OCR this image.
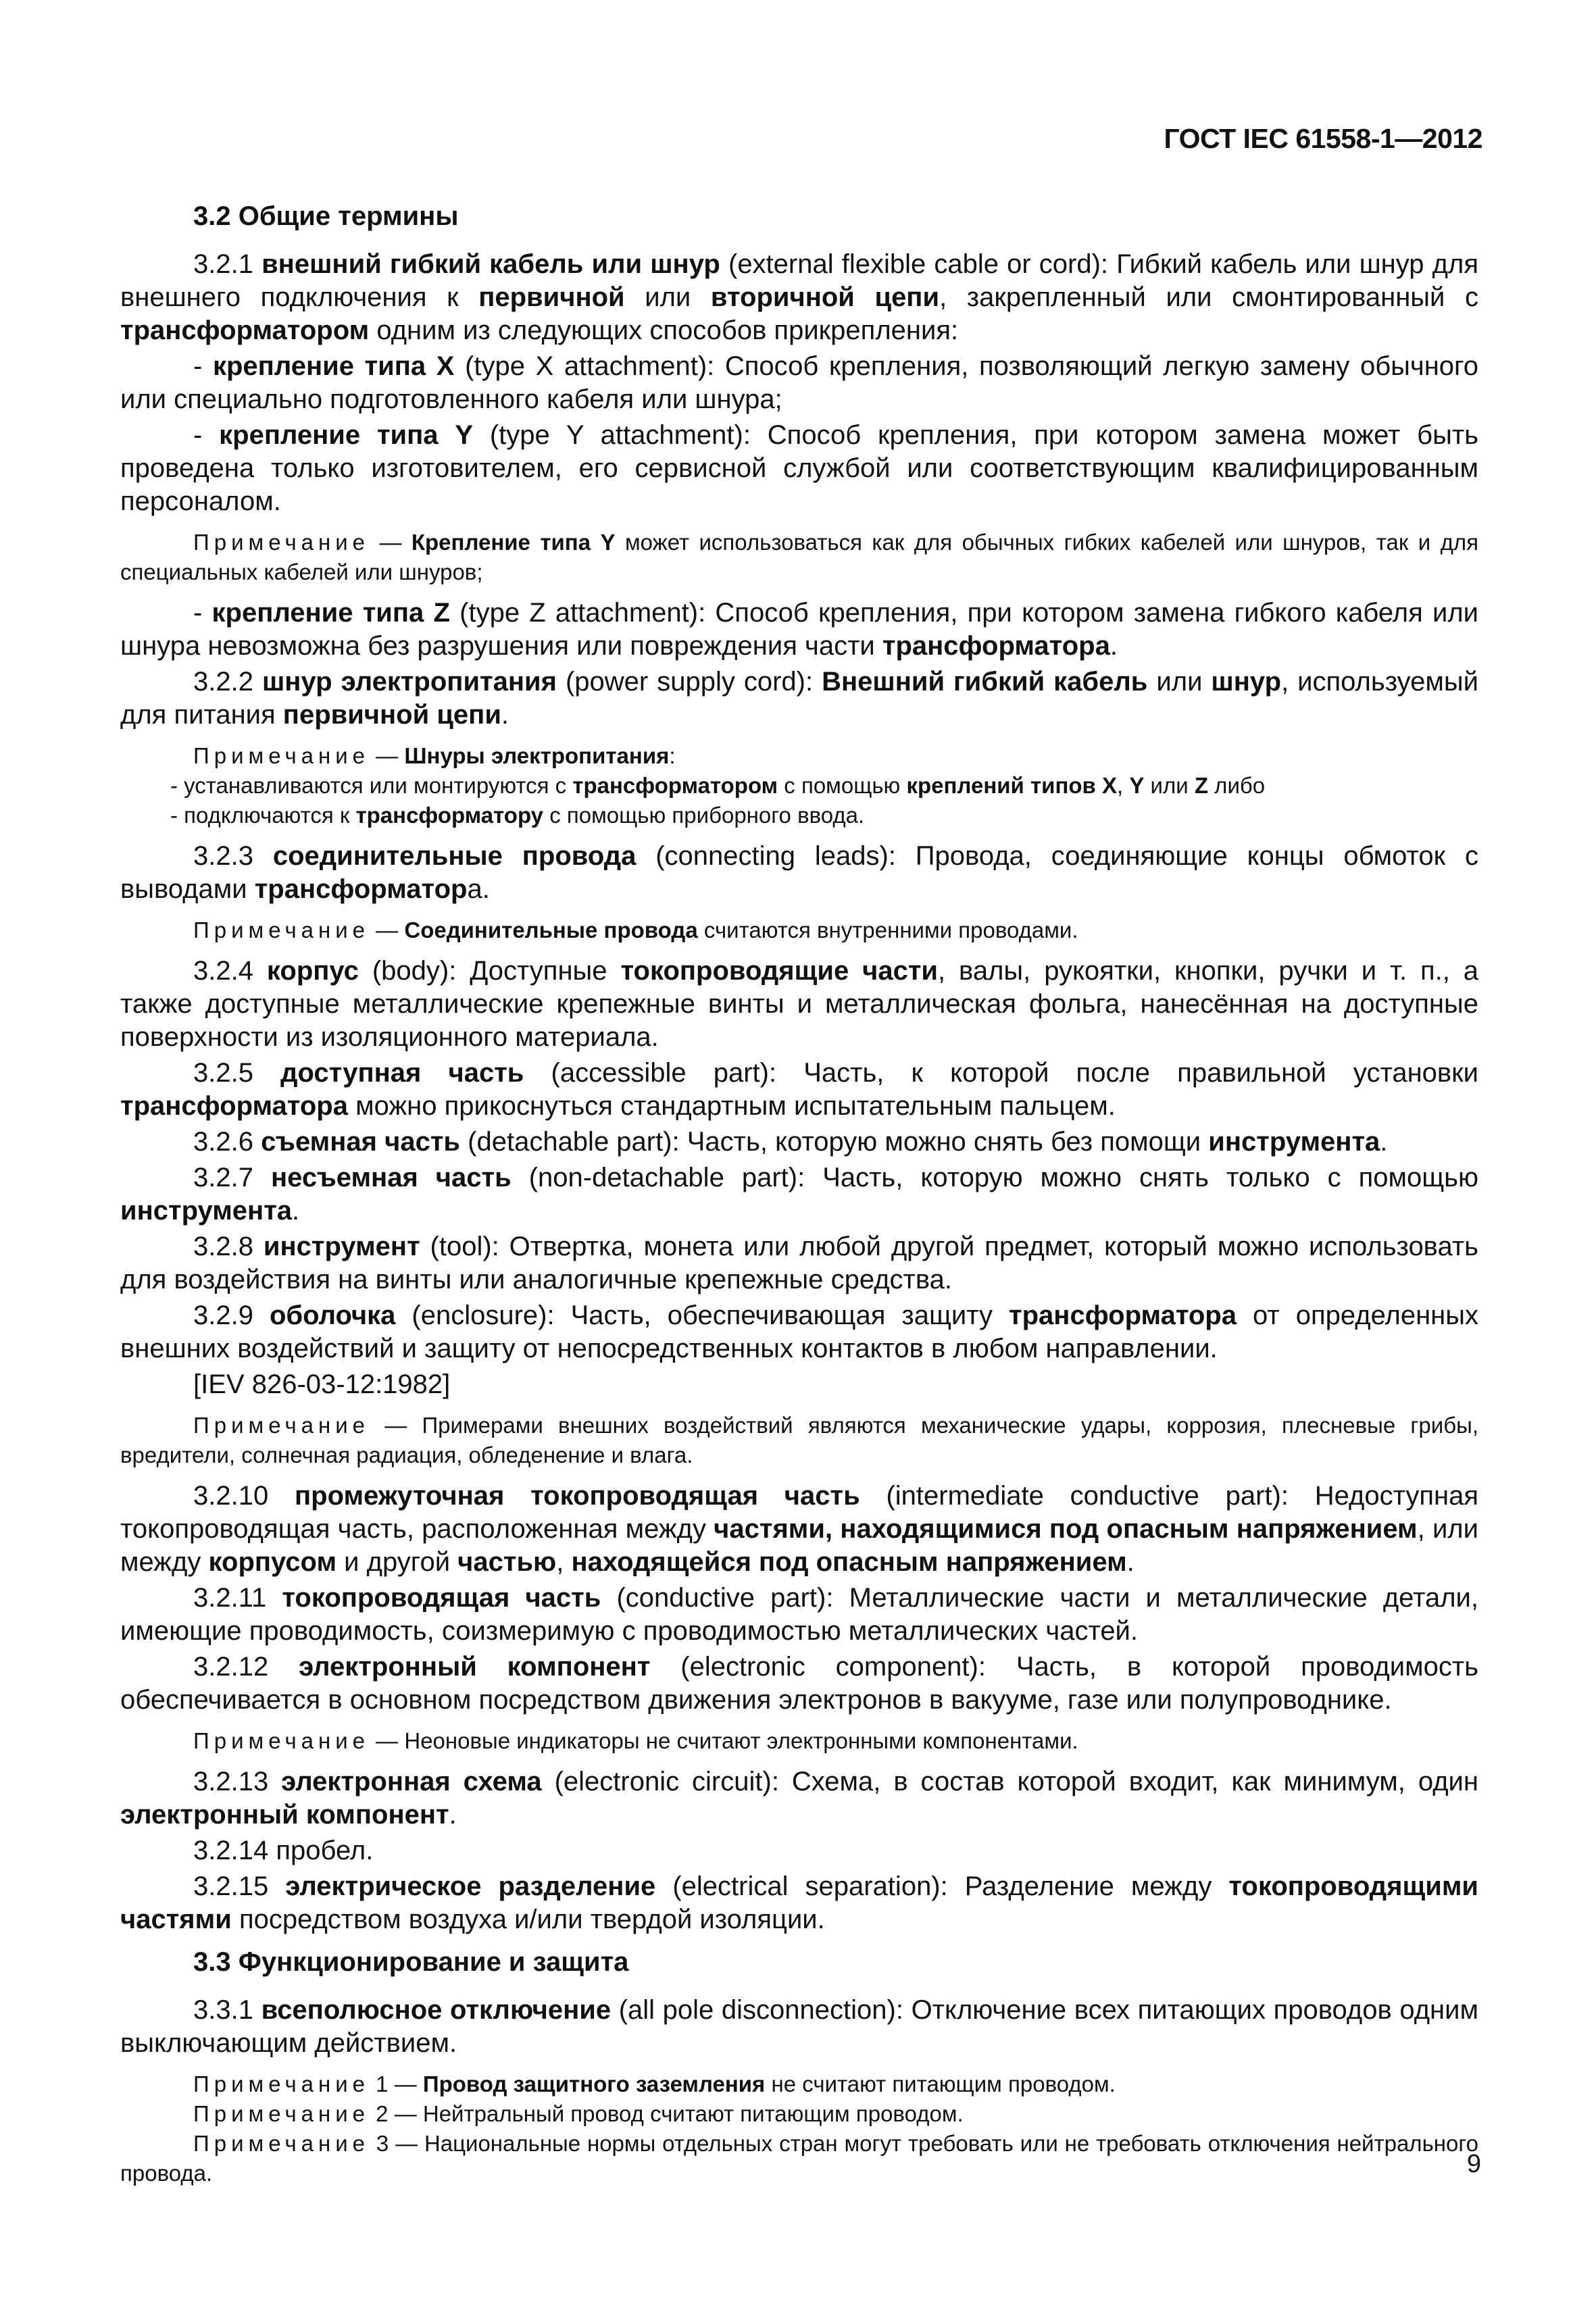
ГОСТ IEC 61558-1—2012

3.2 Общие термины

3.2.1 внешний гибкий кабель или шнур (external flexible cable or cord): Гибкий кабель или шнур для внешнего подключения к первичной или вторичной цепи, закрепленный или смонтированный с трансформатором одним из следующих способов прикрепления:

- крепление типа X (type X attachment): Способ крепления, позволяющий легкую замену обычного или специально подготовленного кабеля или шнура;

- крепление типа Y (type Y attachment): Способ крепления, при котором замена может быть проведена только изготовителем, его сервисной службой или соответствующим квалифицированным персоналом.

Примечание — Крепление типа Y может использоваться как для обычных гибких кабелей или шнуров, так и для специальных кабелей или шнуров;

- крепление типа Z (type Z attachment): Способ крепления, при котором замена гибкого кабеля или шнура невозможна без разрушения или повреждения части трансформатора.

3.2.2 шнур электропитания (power supply cord): Внешний гибкий кабель или шнур, используемый для питания первичной цепи.

Примечание — Шнуры электропитания:

- устанавливаются или монтируются с трансформатором с помощью креплений типов X, Y или Z либо

- подключаются к трансформатору с помощью приборного ввода.

3.2.3 соединительные провода (connecting leads): Провода, соединяющие концы обмоток с выводами трансформатора.

Примечание — Соединительные провода считаются внутренними проводами.

3.2.4 корпус (body): Доступные токопроводящие части, валы, рукоятки, кнопки, ручки и т. п., а также доступные металлические крепежные винты и металлическая фольга, нанесённая на доступные поверхности из изоляционного материала.

3.2.5 доступная часть (accessible part): Часть, к которой после правильной установки трансформатора можно прикоснуться стандартным испытательным пальцем.

3.2.6 съемная часть (detachable part): Часть, которую можно снять без помощи инструмента.

3.2.7 несъемная часть (non-detachable part): Часть, которую можно снять только с помощью инструмента.

3.2.8 инструмент (tool): Отвертка, монета или любой другой предмет, который можно использовать для воздействия на винты или аналогичные крепежные средства.

3.2.9 оболочка (enclosure): Часть, обеспечивающая защиту трансформатора от определенных внешних воздействий и защиту от непосредственных контактов в любом направлении.

[IEV 826-03-12:1982]

Примечание — Примерами внешних воздействий являются механические удары, коррозия, плесневые грибы, вредители, солнечная радиация, обледенение и влага.

3.2.10 промежуточная токопроводящая часть (intermediate conductive part): Недоступная токопроводящая часть, расположенная между частями, находящимися под опасным напряжением, или между корпусом и другой частью, находящейся под опасным напряжением.

3.2.11 токопроводящая часть (conductive part): Металлические части и металлические детали, имеющие проводимость, соизмеримую с проводимостью металлических частей.

3.2.12 электронный компонент (electronic component): Часть, в которой проводимость обеспечивается в основном посредством движения электронов в вакууме, газе или полупроводнике.

Примечание — Неоновые индикаторы не считают электронными компонентами.

3.2.13 электронная схема (electronic circuit): Схема, в состав которой входит, как минимум, один электронный компонент.

3.2.14 пробел.

3.2.15 электрическое разделение (electrical separation): Разделение между токопроводящими частями посредством воздуха и/или твердой изоляции.

3.3 Функционирование и защита

3.3.1 всеполюсное отключение (all pole disconnection): Отключение всех питающих проводов одним выключающим действием.

Примечание 1 — Провод защитного заземления не считают питающим проводом.

Примечание 2 — Нейтральный провод считают питающим проводом.

Примечание 3 — Национальные нормы отдельных стран могут требовать или не требовать отключения нейтрального провода.	9
